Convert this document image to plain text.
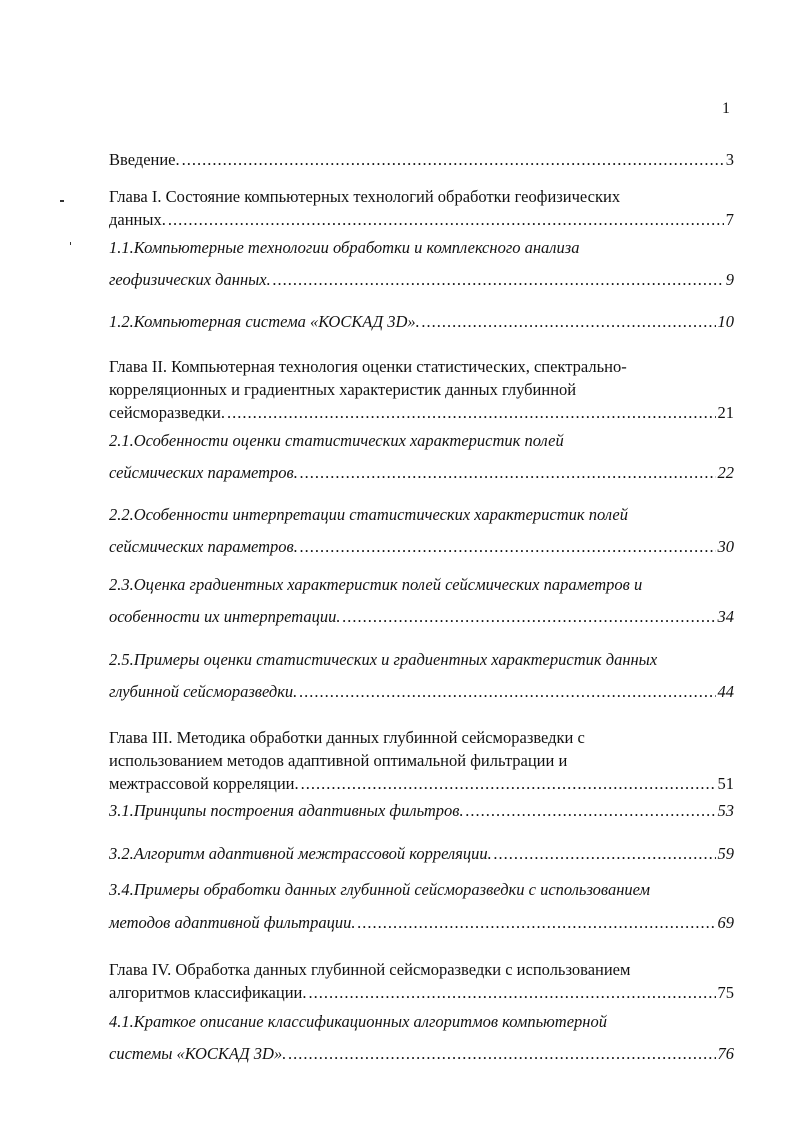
1
Введение. .....	3
Глава I. Состояние компьютерных технологий обработки геофизических
данных. .....	7
1.1.Компьютерные технологии обработки и комплексного анализа
геофизических данных. .....	9
1.2.Компьютерная система «КОСКАД 3D». .....	10
Глава II. Компьютерная технология оценки статистических, спектрально-
корреляционных и градиентных характеристик данных глубинной
сейсморазведки. .....	21
2.1.Особенности оценки статистических характеристик полей
сейсмических параметров. .....	22
2.2.Особенности интерпретации статистических характеристик полей
сейсмических параметров. .....	30
2.3.Оценка градиентных характеристик полей сейсмических параметров и
особенности их интерпретации. .....	34
2.5.Примеры оценки статистических и градиентных характеристик данных
глубинной сейсморазведки. .....	44
Глава III. Методика обработки данных глубинной сейсморазведки с
использованием методов адаптивной оптимальной фильтрации и
межтрассовой корреляции. .....	51
3.1.Принципы построения адаптивных фильтров. .....	53
3.2.Алгоритм адаптивной межтрассовой корреляции. .....	59
3.4.Примеры обработки данных глубинной сейсморазведки с использованием
методов адаптивной фильтрации. .....	69
Глава IV. Обработка данных глубинной сейсморазведки с использованием
алгоритмов классификации. .....	75
4.1.Краткое описание классификационных алгоритмов компьютерной
системы «КОСКАД 3D». .....	76
